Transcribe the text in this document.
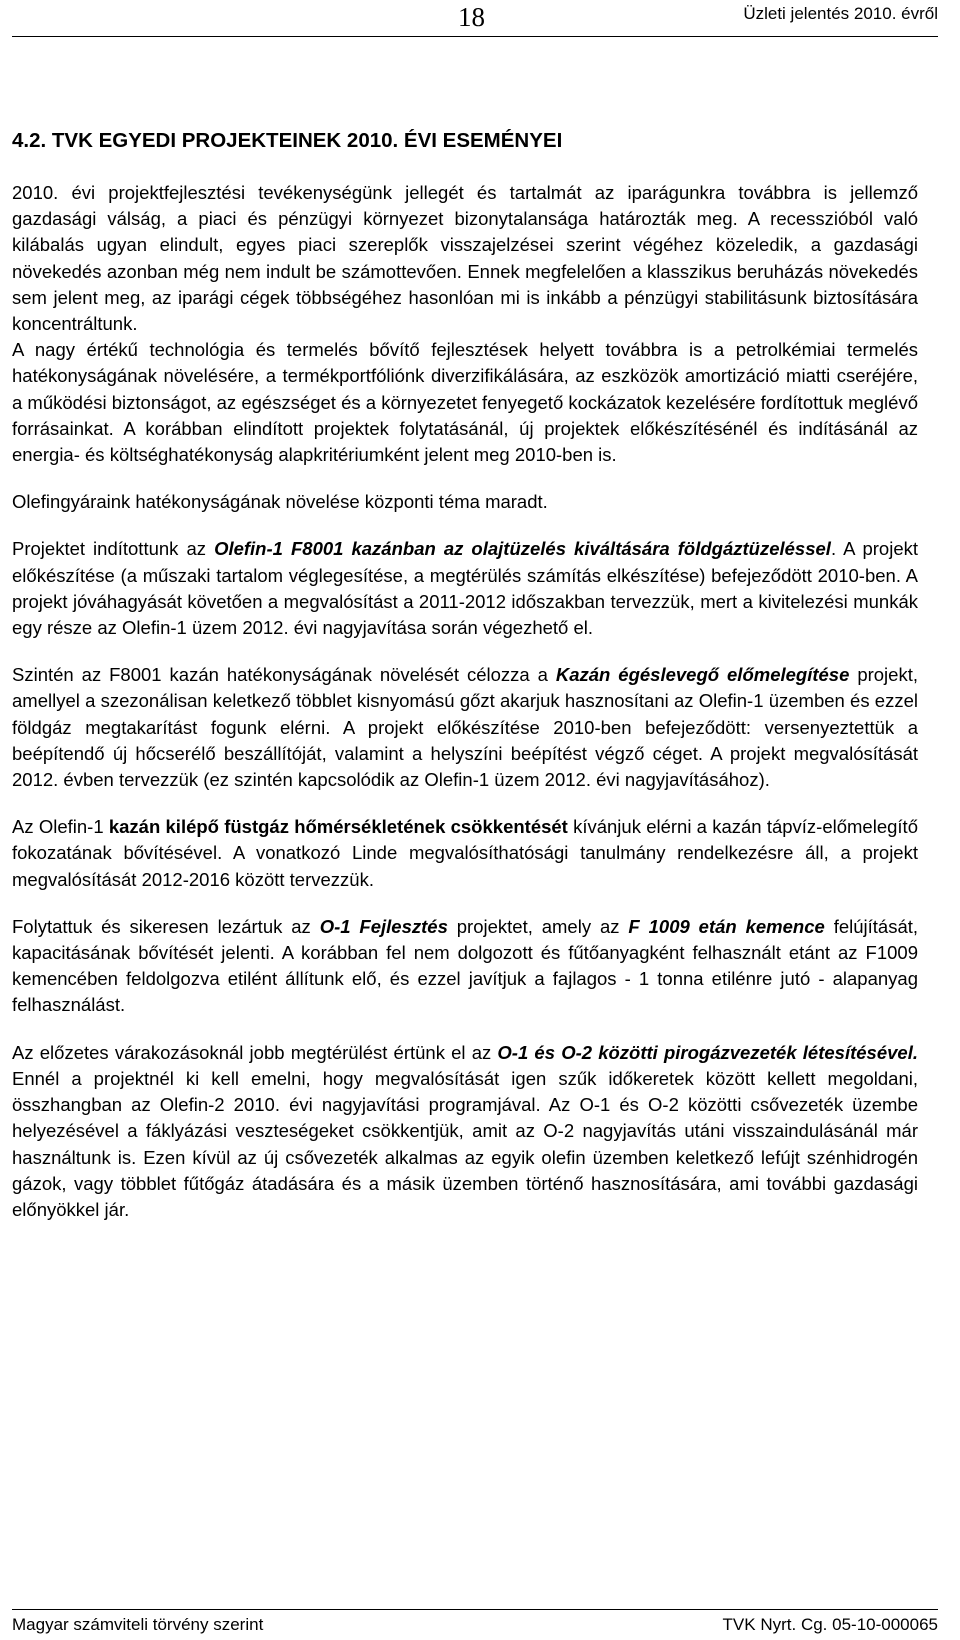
18	Üzleti jelentés 2010. évről
4.2. TVK EGYEDI PROJEKTEINEK 2010. ÉVI ESEMÉNYEI

2010. évi projektfejlesztési tevékenységünk jellegét és tartalmát az iparágunkra továbbra is jellemző gazdasági válság, a piaci és pénzügyi környezet bizonytalansága határozták meg. A recesszióból való kilábalás ugyan elindult, egyes piaci szereplők visszajelzései szerint végéhez közeledik, a gazdasági növekedés azonban még nem indult be számottevően. Ennek megfelelően a klasszikus beruházás növekedés sem jelent meg, az iparági cégek többségéhez hasonlóan mi is inkább a pénzügyi stabilitásunk biztosítására koncentráltunk.

A nagy értékű technológia és termelés bővítő fejlesztések helyett továbbra is a petrolkémiai termelés hatékonyságának növelésére, a termékportfóliónk diverzifikálására, az eszközök amortizáció miatti cseréjére, a működési biztonságot, az egészséget és a környezetet fenyegető kockázatok kezelésére fordítottuk meglévő forrásainkat. A korábban elindított projektek folytatásánál, új projektek előkészítésénél és indításánál az energia- és költséghatékonyság alapkritériumként jelent meg 2010-ben is.

Olefingyáraink hatékonyságának növelése központi téma maradt.

Projektet indítottunk az Olefin-1 F8001 kazánban az olajtüzelés kiváltására földgáztüzeléssel. A projekt előkészítése (a műszaki tartalom véglegesítése, a megtérülés számítás elkészítése) befejeződött 2010-ben. A projekt jóváhagyását követően a megvalósítást a 2011-2012 időszakban tervezzük, mert a kivitelezési munkák egy része az Olefin-1 üzem 2012. évi nagyjavítása során végezhető el.

Szintén az F8001 kazán hatékonyságának növelését célozza a Kazán égéslevegő előmelegítése projekt, amellyel a szezonálisan keletkező többlet kisnyomású gőzt akarjuk hasznosítani az Olefin-1 üzemben és ezzel földgáz megtakarítást fogunk elérni. A projekt előkészítése 2010-ben befejeződött: versenyeztettük a beépítendő új hőcserélő beszállítóját, valamint a helyszíni beépítést végző céget. A projekt megvalósítását 2012. évben tervezzük (ez szintén kapcsolódik az Olefin-1 üzem 2012. évi nagyjavításához).

Az Olefin-1 kazán kilépő füstgáz hőmérsékletének csökkentését kívánjuk elérni a kazán tápvíz-előmelegítő fokozatának bővítésével. A vonatkozó Linde megvalósíthatósági tanulmány rendelkezésre áll, a projekt megvalósítását 2012-2016 között tervezzük.

Folytattuk és sikeresen lezártuk az O-1 Fejlesztés projektet, amely az F 1009 etán kemence felújítását, kapacitásának bővítését jelenti. A korábban fel nem dolgozott és fűtőanyagként felhasznált etánt az F1009 kemencében feldolgozva etilént állítunk elő, és ezzel javítjuk a fajlagos - 1 tonna etilénre jutó - alapanyag felhasználást.

Az előzetes várakozásoknál jobb megtérülést értünk el az O-1 és O-2 közötti pirogázvezeték létesítésével. Ennél a projektnél ki kell emelni, hogy megvalósítását igen szűk időkeretek között kellett megoldani, összhangban az Olefin-2 2010. évi nagyjavítási programjával. Az O-1 és O-2 közötti csővezeték üzembe helyezésével a fáklyázási veszteségeket csökkentjük, amit az O-2 nagyjavítás utáni visszaindulásánál már használtunk is. Ezen kívül az új csővezeték alkalmas az egyik olefin üzemben keletkező lefújt szénhidrogén gázok, vagy többlet fűtőgáz átadására és a másik üzemben történő hasznosítására, ami további gazdasági előnyökkel jár.

Magyar számviteli törvény szerint	TVK Nyrt. Cg. 05-10-000065
